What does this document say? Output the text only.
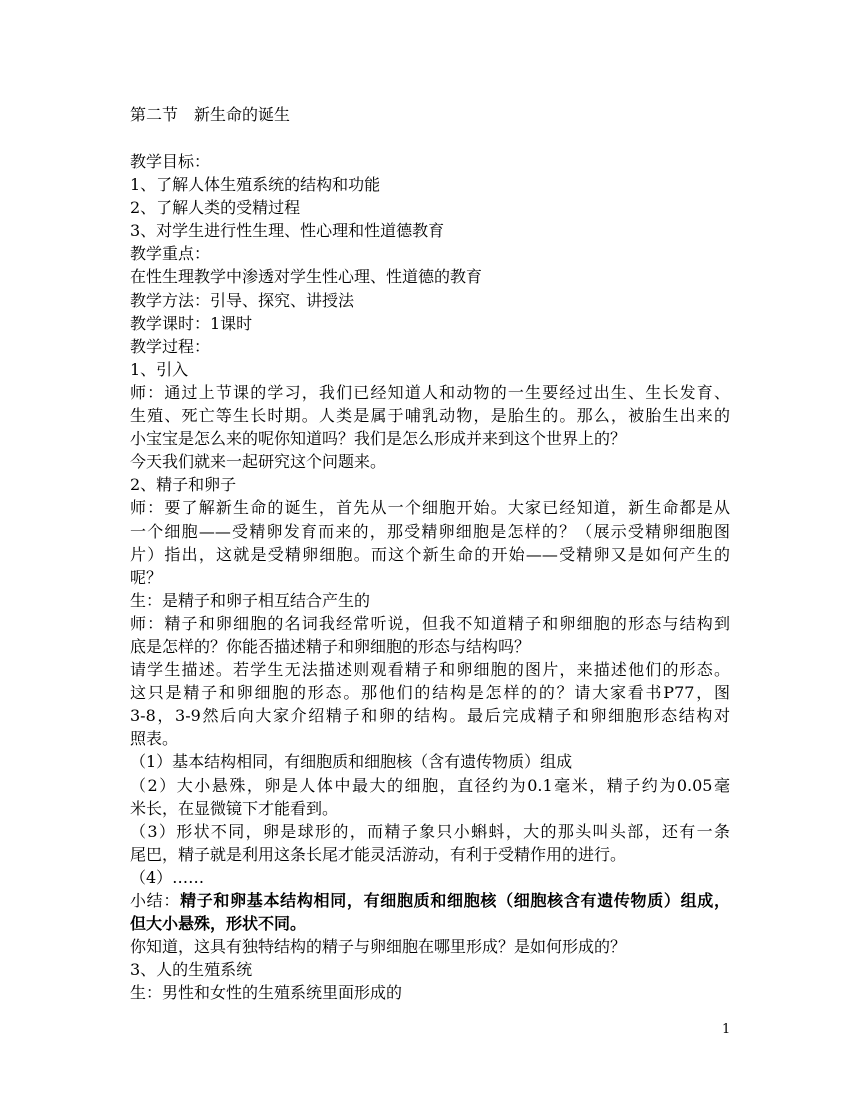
第二节　新生命的诞生
教学目标：
1、了解人体生殖系统的结构和功能
2、了解人类的受精过程
3、对学生进行性生理、性心理和性道德教育
教学重点：
在性生理教学中渗透对学生性心理、性道德的教育
教学方法：引导、探究、讲授法
教学课时：1课时
教学过程：
1、引入
师：通过上节课的学习，我们已经知道人和动物的一生要经过出生、生长发育、
生殖、死亡等生长时期。人类是属于哺乳动物，是胎生的。那么，被胎生出来的
小宝宝是怎么来的呢你知道吗？我们是怎么形成并来到这个世界上的？
今天我们就来一起研究这个问题来。
2、精子和卵子
师：要了解新生命的诞生，首先从一个细胞开始。大家已经知道，新生命都是从
一个细胞——受精卵发育而来的，那受精卵细胞是怎样的？（展示受精卵细胞图
片）指出，这就是受精卵细胞。而这个新生命的开始——受精卵又是如何产生的
呢？
生：是精子和卵子相互结合产生的
师：精子和卵细胞的名词我经常听说，但我不知道精子和卵细胞的形态与结构到
底是怎样的？你能否描述精子和卵细胞的形态与结构吗？
请学生描述。若学生无法描述则观看精子和卵细胞的图片，来描述他们的形态。
这只是精子和卵细胞的形态。那他们的结构是怎样的的？请大家看书P77，图
3-8，3-9然后向大家介绍精子和卵的结构。最后完成精子和卵细胞形态结构对
照表。
（1）基本结构相同，有细胞质和细胞核（含有遗传物质）组成
（2）大小悬殊，卵是人体中最大的细胞，直径约为0.1毫米，精子约为0.05毫
米长，在显微镜下才能看到。
（3）形状不同，卵是球形的，而精子象只小蝌蚪，大的那头叫头部，还有一条
尾巴，精子就是利用这条长尾才能灵活游动，有利于受精作用的进行。
（4）……
小结：精子和卵基本结构相同，有细胞质和细胞核（细胞核含有遗传物质）组成，
但大小悬殊，形状不同。
你知道，这具有独特结构的精子与卵细胞在哪里形成？是如何形成的？
3、人的生殖系统
生：男性和女性的生殖系统里面形成的
1
